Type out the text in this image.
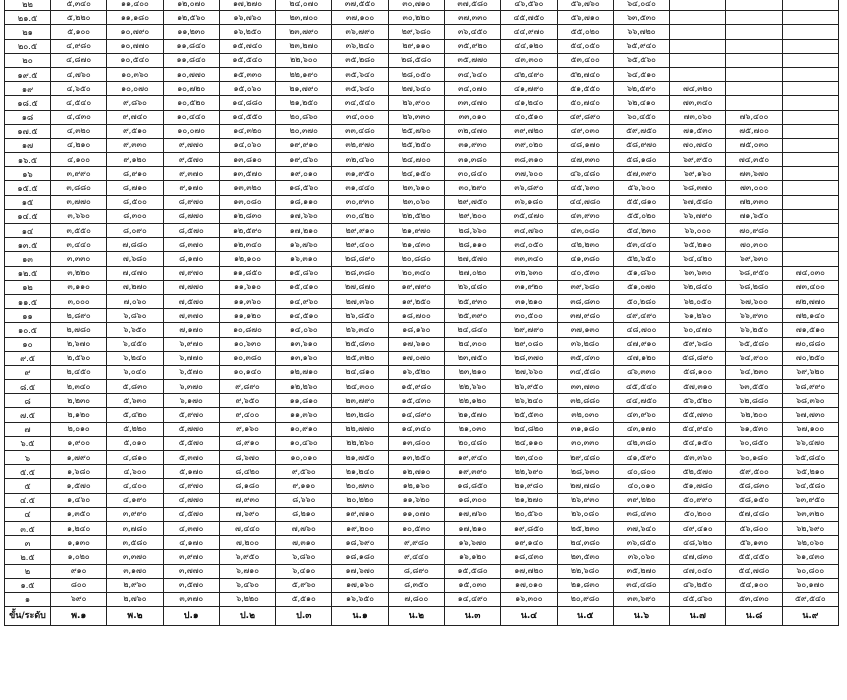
๒๒	๕,๓๔๐	๑๑,๔๐๐	๑๒,๐๗๐	๑๗,๒๗๐	๒๔,๐๗๐	๓๗,๕๕๐	๓๐,๗๑๐	๓๗,๕๘๐	๔๖,๕๖๐	๕๖,๗๖๐	๖๔,๐๔๐			
๒๑.๕	๕,๒๒๐	๑๑,๑๘๐	๑๒,๕๖๐	๑๖,๗๖๐	๒๓,๗๐๐	๓๗,๑๐๐	๓๐,๒๒๐	๓๗,๓๓๐	๔๕,๗๕๐	๕๖,๗๑๐	๖๓,๕๓๐			
๒๑	๕,๑๐๐	๑๐,๗๙๐	๑๑,๒๓๐	๑๖,๒๕๐	๒๓,๗๙๐	๓๖,๗๙๐	๒๙,๖๘๐	๓๖,๔๕๐	๔๔,๙๗๐	๕๕,๐๒๐	๖๖,๗๒๐			
๒๐.๕	๔,๙๘๐	๑๐,๗๗๐	๑๑,๘๔๐	๑๕,๗๔๐	๒๓,๒๗๐	๓๖,๒๔๐	๒๙,๑๑๐	๓๕,๙๒๐	๔๔,๑๒๐	๕๔,๐๕๐	๖๕,๙๔๐			
๒๐	๔,๘๗๐	๑๐,๕๔๐	๑๑,๘๔๐	๑๕,๕๔๐	๒๒,๖๐๐	๓๕,๒๘๐	๒๘,๕๘๐	๓๕,๗๗๐	๔๓,๓๐๐	๕๓,๔๐๐	๖๕,๕๖๐			
๑๙.๕	๔,๗๖๐	๑๐,๓๖๐	๑๐,๗๗๐	๑๕,๓๓๐	๒๒,๑๙๐	๓๕,๖๔๐	๒๘,๐๕๐	๓๔,๖๔๐	๔๒,๔๙๐	๕๒,๗๔๐	๖๔,๕๑๐			
๑๙	๔,๖๕๐	๑๐,๐๗๐	๑๐,๗๒๐	๑๕,๐๖๐	๒๑,๗๙๐	๓๕,๖๔๐	๒๗,๖๔๐	๓๔,๐๗๐	๔๑,๗๙๐	๕๑,๕๕๐	๖๒,๕๙๐	๗๔,๓๒๐		
๑๘.๕	๔,๕๔๐	๙,๘๖๐	๑๐,๕๒๐	๑๔,๘๘๐	๒๑,๒๕๐	๓๔,๕๔๐	๒๖,๙๐๐	๓๓,๔๗๐	๔๑,๒๔๐	๕๐,๗๔๐	๖๒,๔๑๐	๗๓,๓๔๐		
๑๘	๔,๔๓๐	๙,๗๔๐	๑๐,๔๔๐	๑๔,๕๕๐	๒๐,๘๖๐	๓๔,๐๐๐	๒๖,๓๓๐	๓๓,๐๑๐	๔๐,๕๑๐	๔๙,๘๙๐	๖๐,๔๕๐	๗๓,๐๖๐	๗๖,๔๐๐	
๑๗.๕	๔,๓๒๐	๙,๕๑๐	๑๐,๐๗๐	๑๔,๓๒๐	๒๐,๓๗๐	๓๓,๔๘๐	๒๕,๗๖๐	๓๒,๔๗๐	๓๙,๗๒๐	๔๙,๐๓๐	๕๙,๗๕๐	๗๑,๕๓๐	๗๕,๗๐๐	
๑๗	๔,๒๑๐	๙,๓๓๐	๙,๗๗๐	๑๔,๐๖๐	๑๙,๙๑๐	๓๒,๙๗๐	๒๕,๒๕๐	๓๑,๙๓๐	๓๙,๐๒๐	๔๘,๑๗๐	๕๘,๙๗๐	๗๐,๗๔๐	๗๕,๐๓๐	
๑๖.๕	๔,๑๐๐	๙,๑๒๐	๙,๕๗๐	๑๓,๘๑๐	๑๙,๔๖๐	๓๒,๔๖๐	๒๔,๗๐๐	๓๑,๓๘๐	๓๘,๓๑๐	๔๗,๓๓๐	๕๘,๑๘๐	๖๙,๙๕๐	๗๔,๓๕๐	
๑๖	๓,๙๙๐	๘,๙๑๐	๙,๓๗๐	๑๓,๕๗๐	๑๙,๐๑๐	๓๑,๙๕๐	๒๔,๑๕๐	๓๐,๘๔๐	๓๗,๖๐๐	๔๖,๔๘๐	๕๗,๓๙๐	๖๙,๑๖๐	๗๓,๖๗๐	
๑๕.๕	๓,๘๘๐	๘,๗๑๐	๙,๑๗๐	๑๓,๓๒๐	๑๘,๕๖๐	๓๑,๔๔๐	๒๓,๖๑๐	๓๐,๒๙๐	๓๖,๘๙๐	๔๕,๖๓๐	๕๖,๖๐๐	๖๘,๓๗๐	๗๓,๐๐๐	
๑๕	๓,๗๗๐	๘,๕๐๐	๘,๙๗๐	๑๓,๐๘๐	๑๘,๑๑๐	๓๐,๙๓๐	๒๓,๐๖๐	๒๙,๗๕๐	๓๖,๑๘๐	๔๔,๗๘๐	๕๕,๘๑๐	๖๗,๕๘๐	๗๒,๓๓๐	
๑๔.๕	๓,๖๖๐	๘,๓๐๐	๘,๗๗๐	๑๒,๘๓๐	๑๗,๖๖๐	๓๐,๔๒๐	๒๒,๕๒๐	๒๙,๒๐๐	๓๕,๔๗๐	๔๓,๙๓๐	๕๕,๐๒๐	๖๖,๗๙๐	๗๑,๖๕๐	
๑๔	๓,๕๕๐	๘,๐๙๐	๘,๕๗๐	๑๒,๕๙๐	๑๗,๒๑๐	๒๙,๙๑๐	๒๑,๙๗๐	๒๘,๖๖๐	๓๔,๗๖๐	๔๓,๐๘๐	๕๔,๒๓๐	๖๖,๐๐๐	๗๐,๙๘๐	
๑๓.๕	๓,๔๔๐	๗,๘๘๐	๘,๓๗๐	๑๒,๓๔๐	๑๖,๗๖๐	๒๙,๔๐๐	๒๑,๔๓๐	๒๘,๑๑๐	๓๔,๐๕๐	๔๒,๒๓๐	๕๓,๔๔๐	๖๕,๒๑๐	๗๐,๓๐๐	
๑๓	๓,๓๓๐	๗,๖๘๐	๘,๑๗๐	๑๒,๑๐๐	๑๖,๓๑๐	๒๘,๘๙๐	๒๐,๘๘๐	๒๗,๕๗๐	๓๓,๓๔๐	๔๑,๓๘๐	๕๒,๖๕๐	๖๔,๔๒๐	๖๙,๖๓๐	
๑๒.๕	๓,๒๒๐	๗,๔๗๐	๗,๙๗๐	๑๑,๘๕๐	๑๕,๘๖๐	๒๘,๓๘๐	๒๐,๓๔๐	๒๗,๐๒๐	๓๒,๖๓๐	๔๐,๕๓๐	๕๑,๘๖๐	๖๓,๖๓๐	๖๘,๙๕๐	๗๔,๐๓๐
๑๒	๓,๑๑๐	๗,๒๗๐	๗,๗๗๐	๑๑,๖๑๐	๑๕,๔๑๐	๒๗,๘๗๐	๑๙,๗๙๐	๒๖,๔๘๐	๓๑,๙๒๐	๓๙,๖๘๐	๕๑,๐๗๐	๖๒,๘๔๐	๖๘,๒๘๐	๗๓,๔๐๐
๑๑.๕	๓,๐๐๐	๗,๐๖๐	๗,๕๗๐	๑๑,๓๖๐	๑๔,๙๖๐	๒๗,๓๖๐	๑๙,๒๕๐	๒๕,๙๓๐	๓๑,๒๑๐	๓๘,๘๓๐	๕๐,๒๘๐	๖๒,๐๕๐	๖๗,๖๐๐	๗๒,๗๗๐
๑๑	๒,๘๙๐	๖,๘๖๐	๗,๓๗๐	๑๑,๑๒๐	๑๔,๕๑๐	๒๖,๘๕๐	๑๘,๗๐๐	๒๕,๓๙๐	๓๐,๕๐๐	๓๗,๙๘๐	๔๙,๔๙๐	๖๑,๒๖๐	๖๖,๙๓๐	๗๒,๑๔๐
๑๐.๕	๒,๗๘๐	๖,๖๕๐	๗,๑๗๐	๑๐,๘๗๐	๑๔,๐๖๐	๒๖,๓๔๐	๑๘,๑๖๐	๒๔,๘๔๐	๒๙,๗๙๐	๓๗,๑๓๐	๔๘,๗๐๐	๖๐,๔๗๐	๖๖,๒๕๐	๗๑,๕๑๐
๑๐	๒,๖๗๐	๖,๔๕๐	๖,๙๗๐	๑๐,๖๓๐	๑๓,๖๑๐	๒๕,๘๓๐	๑๗,๖๑๐	๒๔,๓๐๐	๒๙,๐๘๐	๓๖,๒๘๐	๔๗,๙๑๐	๕๙,๖๘๐	๖๕,๕๘๐	๗๐,๘๘๐
๙.๕	๒,๕๖๐	๖,๒๔๐	๖,๗๗๐	๑๐,๓๘๐	๑๓,๑๖๐	๒๕,๓๒๐	๑๗,๐๗๐	๒๓,๗๕๐	๒๘,๓๗๐	๓๕,๔๓๐	๔๗,๑๒๐	๕๘,๘๙๐	๖๔,๙๐๐	๗๐,๒๕๐
๙	๒,๔๕๐	๖,๐๔๐	๖,๕๗๐	๑๐,๑๔๐	๑๒,๗๑๐	๒๔,๘๑๐	๑๖,๕๒๐	๒๓,๒๑๐	๒๗,๖๖๐	๓๔,๕๘๐	๔๖,๓๓๐	๕๘,๑๐๐	๖๔,๒๓๐	๖๙,๖๒๐
๘.๕	๒,๓๔๐	๕,๘๓๐	๖,๓๗๐	๙,๘๙๐	๑๒,๒๖๐	๒๔,๓๐๐	๑๕,๙๘๐	๒๒,๖๖๐	๒๖,๙๕๐	๓๓,๗๓๐	๔๕,๕๔๐	๕๗,๓๑๐	๖๓,๕๕๐	๖๘,๙๙๐
๘	๒,๒๓๐	๕,๖๓๐	๖,๑๗๐	๙,๖๕๐	๑๑,๘๑๐	๒๓,๗๙๐	๑๕,๔๓๐	๒๒,๑๒๐	๒๖,๒๔๐	๓๒,๘๘๐	๔๔,๗๕๐	๕๖,๕๒๐	๖๒,๘๘๐	๖๘,๓๖๐
๗.๕	๒,๑๒๐	๕,๔๒๐	๕,๙๗๐	๙,๔๐๐	๑๑,๓๖๐	๒๓,๒๘๐	๑๔,๘๙๐	๒๑,๕๗๐	๒๕,๕๓๐	๓๒,๐๓๐	๔๓,๙๖๐	๕๕,๗๓๐	๖๒,๒๐๐	๖๗,๗๓๐
๗	๒,๐๑๐	๕,๒๒๐	๕,๗๗๐	๙,๑๖๐	๑๐,๙๑๐	๒๒,๗๗๐	๑๔,๓๔๐	๒๑,๐๓๐	๒๔,๘๒๐	๓๑,๑๘๐	๔๓,๑๗๐	๕๔,๙๔๐	๖๑,๕๓๐	๖๗,๑๐๐
๖.๕	๑,๙๐๐	๕,๐๑๐	๕,๕๗๐	๘,๙๑๐	๑๐,๔๖๐	๒๒,๒๖๐	๑๓,๘๐๐	๒๐,๔๘๐	๒๔,๑๑๐	๓๐,๓๓๐	๔๒,๓๘๐	๕๔,๑๕๐	๖๐,๘๕๐	๖๖,๔๗๐
๖	๑,๗๙๐	๔,๘๑๐	๕,๓๗๐	๘,๖๗๐	๑๐,๐๑๐	๒๑,๗๕๐	๑๓,๒๕๐	๑๙,๙๔๐	๒๓,๔๐๐	๒๙,๔๘๐	๔๑,๕๙๐	๕๓,๓๖๐	๖๐,๑๘๐	๖๕,๘๔๐
๕.๕	๑,๖๘๐	๔,๖๐๐	๕,๑๗๐	๘,๔๒๐	๙,๕๖๐	๒๑,๒๔๐	๑๒,๗๑๐	๑๙,๓๙๐	๒๒,๖๙๐	๒๘,๖๓๐	๔๐,๘๐๐	๕๒,๕๗๐	๕๙,๕๐๐	๖๕,๒๑๐
๕	๑,๕๗๐	๔,๔๐๐	๔,๙๗๐	๘,๑๘๐	๙,๑๑๐	๒๐,๗๓๐	๑๒,๑๖๐	๑๘,๘๕๐	๒๑,๙๘๐	๒๗,๗๘๐	๔๐,๐๑๐	๕๑,๗๘๐	๕๘,๘๓๐	๖๔,๕๘๐
๔.๕	๑,๔๖๐	๔,๑๙๐	๔,๗๗๐	๗,๙๓๐	๘,๖๖๐	๒๐,๒๒๐	๑๑,๖๒๐	๑๘,๓๐๐	๒๑,๒๗๐	๒๖,๙๓๐	๓๙,๒๒๐	๕๐,๙๙๐	๕๘,๑๕๐	๖๓,๙๕๐
๔	๑,๓๕๐	๓,๙๙๐	๔,๕๗๐	๗,๖๙๐	๘,๒๑๐	๑๙,๗๑๐	๑๑,๐๗๐	๑๗,๗๖๐	๒๐,๕๖๐	๒๖,๐๘๐	๓๘,๔๓๐	๕๐,๒๐๐	๕๗,๔๘๐	๖๓,๓๒๐
๓.๕	๑,๒๔๐	๓,๗๘๐	๔,๓๗๐	๗,๔๔๐	๗,๗๖๐	๑๙,๒๐๐	๑๐,๕๓๐	๑๗,๒๑๐	๑๙,๘๕๐	๒๕,๒๓๐	๓๗,๖๔๐	๔๙,๔๑๐	๕๖,๘๐๐	๖๒,๖๙๐
๓	๑,๑๓๐	๓,๕๘๐	๔,๑๗๐	๗,๒๐๐	๗,๓๑๐	๑๘,๖๙๐	๙,๙๘๐	๑๖,๖๗๐	๑๙,๑๔๐	๒๔,๓๘๐	๓๖,๘๕๐	๔๘,๖๒๐	๕๖,๑๓๐	๖๒,๐๖๐
๒.๕	๑,๐๒๐	๓,๓๗๐	๓,๙๗๐	๖,๙๕๐	๖,๘๖๐	๑๘,๑๘๐	๙,๔๔๐	๑๖,๑๒๐	๑๘,๔๓๐	๒๓,๕๓๐	๓๖,๐๖๐	๔๗,๘๓๐	๕๕,๔๕๐	๖๑,๔๓๐
๒	๙๑๐	๓,๑๗๐	๓,๗๗๐	๖,๗๑๐	๖,๔๑๐	๑๗,๖๗๐	๘,๘๙๐	๑๕,๕๘๐	๑๗,๗๒๐	๒๒,๖๘๐	๓๕,๒๗๐	๔๗,๐๔๐	๕๔,๗๘๐	๖๐,๘๐๐
๑.๕	๘๐๐	๒,๙๖๐	๓,๕๗๐	๖,๔๖๐	๕,๙๖๐	๑๗,๑๖๐	๘,๓๕๐	๑๕,๐๓๐	๑๗,๐๑๐	๒๑,๘๓๐	๓๔,๔๘๐	๔๖,๒๕๐	๕๔,๑๐๐	๖๐,๑๗๐
๑	๖๙๐	๒,๗๖๐	๓,๓๗๐	๖,๒๒๐	๕,๕๑๐	๑๖,๖๕๐	๗,๘๐๐	๑๔,๔๙๐	๑๖,๓๐๐	๒๐,๙๘๐	๓๓,๖๙๐	๔๕,๔๖๐	๕๓,๔๓๐	๕๙,๕๔๐
ขั้น/ระดับ	พ.๑	พ.๒	ป.๑	ป.๒	ป.๓	น.๑	น.๒	น.๓	น.๔	น.๕	น.๖	น.๗	น.๘	น.๙
